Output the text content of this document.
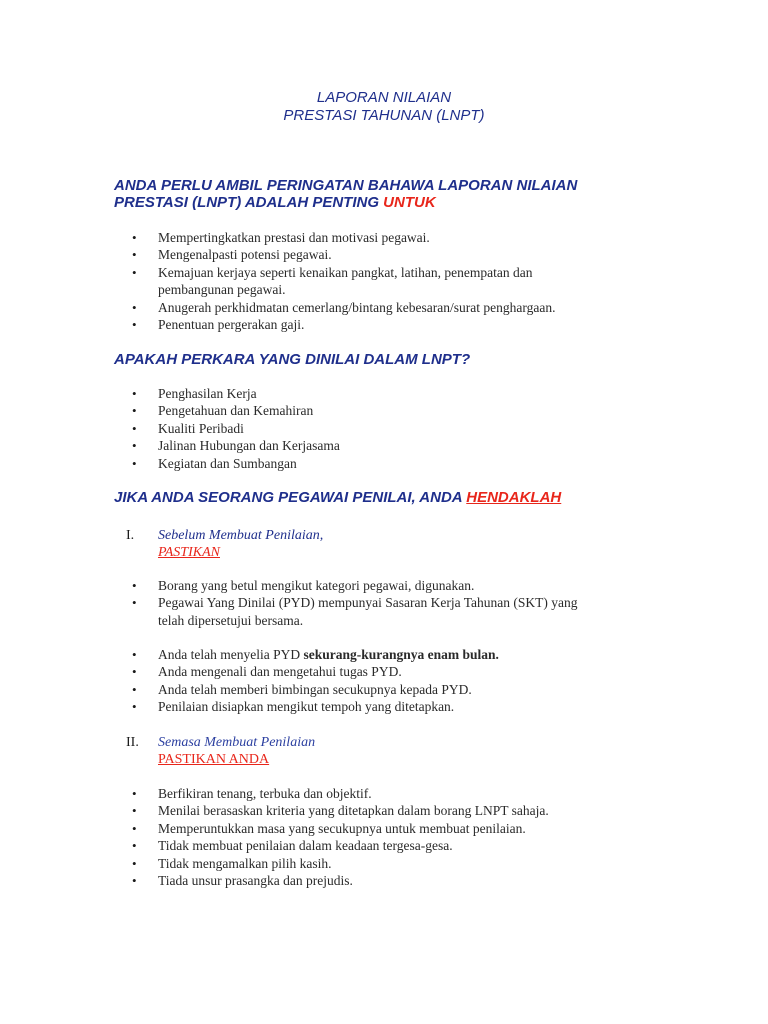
LAPORAN NILAIAN
PRESTASI TAHUNAN (LNPT)
ANDA PERLU AMBIL PERINGATAN BAHAWA LAPORAN NILAIAN
PRESTASI (LNPT) ADALAH PENTING UNTUK
• Mempertingkatkan prestasi dan motivasi pegawai.
• Mengenalpasti potensi pegawai.
• Kemajuan kerjaya seperti kenaikan pangkat, latihan, penempatan dan pembangunan pegawai.
• Anugerah perkhidmatan cemerlang/bintang kebesaran/surat penghargaan.
• Penentuan pergerakan gaji.
APAKAH PERKARA YANG DINILAI DALAM LNPT?
• Penghasilan Kerja
• Pengetahuan dan Kemahiran
• Kualiti Peribadi
• Jalinan Hubungan dan Kerjasama
• Kegiatan dan Sumbangan
JIKA ANDA SEORANG PEGAWAI PENILAI, ANDA HENDAKLAH
I. Sebelum Membuat Penilaian,
PASTIKAN
• Borang yang betul mengikut kategori pegawai, digunakan.
• Pegawai Yang Dinilai (PYD) mempunyai Sasaran Kerja Tahunan (SKT) yang telah dipersetujui bersama.
• Anda telah menyelia PYD sekurang-kurangnya enam bulan.
• Anda mengenali dan mengetahui tugas PYD.
• Anda telah memberi bimbingan secukupnya kepada PYD.
• Penilaian disiapkan mengikut tempoh yang ditetapkan.
II. Semasa Membuat Penilaian
PASTIKAN ANDA
• Berfikiran tenang, terbuka dan objektif.
• Menilai berasaskan kriteria yang ditetapkan dalam borang LNPT sahaja.
• Memperuntukkan masa yang secukupnya untuk membuat penilaian.
• Tidak membuat penilaian dalam keadaan tergesa-gesa.
• Tidak mengamalkan pilih kasih.
• Tiada unsur prasangka dan prejudis.
